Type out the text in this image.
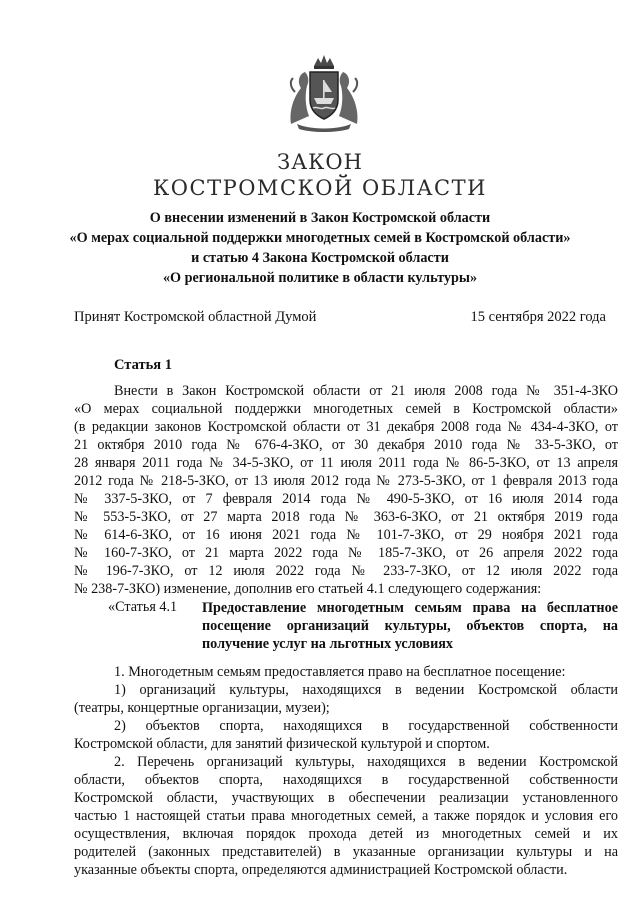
ЗАКОН
КОСТРОМСКОЙ ОБЛАСТИ
О внесении изменений в Закон Костромской области
«О мерах социальной поддержки многодетных семей в Костромской области»
и статью 4 Закона Костромской области
«О региональной политике в области культуры»
Принят Костромской областной Думой	15 сентября 2022 года
Статья 1
Внести в Закон Костромской области от 21 июля 2008 года № 351-4-ЗКО
«О мерах социальной поддержки многодетных семей в Костромской области»
(в редакции законов Костромской области от 31 декабря 2008 года № 434-4-ЗКО, от
21 октября 2010 года № 676-4-ЗКО, от 30 декабря 2010 года № 33-5-ЗКО, от
28 января 2011 года № 34-5-ЗКО, от 11 июля 2011 года № 86-5-ЗКО, от 13 апреля
2012 года № 218-5-ЗКО, от 13 июля 2012 года № 273-5-ЗКО, от 1 февраля 2013 года
№ 337-5-ЗКО, от 7 февраля 2014 года № 490-5-ЗКО, от 16 июля 2014 года
№ 553-5-ЗКО, от 27 марта 2018 года № 363-6-ЗКО, от 21 октября 2019 года
№ 614-6-ЗКО, от 16 июня 2021 года № 101-7-ЗКО, от 29 ноября 2021 года
№ 160-7-ЗКО, от 21 марта 2022 года № 185-7-ЗКО, от 26 апреля 2022 года
№ 196-7-ЗКО, от 12 июля 2022 года № 233-7-ЗКО, от 12 июля 2022 года
№ 238-7-ЗКО) изменение, дополнив его статьей 4.1 следующего содержания:
«Статья 4.1 Предоставление многодетным семьям права на бесплатное
посещение организаций культуры, объектов спорта, на
получение услуг на льготных условиях
1. Многодетным семьям предоставляется право на бесплатное посещение:
1) организаций культуры, находящихся в ведении Костромской области
(театры, концертные организации, музеи);
2) объектов спорта, находящихся в государственной собственности
Костромской области, для занятий физической культурой и спортом.
2. Перечень организаций культуры, находящихся в ведении Костромской
области, объектов спорта, находящихся в государственной собственности
Костромской области, участвующих в обеспечении реализации установленного
частью 1 настоящей статьи права многодетных семей, а также порядок и условия его
осуществления, включая порядок прохода детей из многодетных семей и их
родителей (законных представителей) в указанные организации культуры и на
указанные объекты спорта, определяются администрацией Костромской области.
